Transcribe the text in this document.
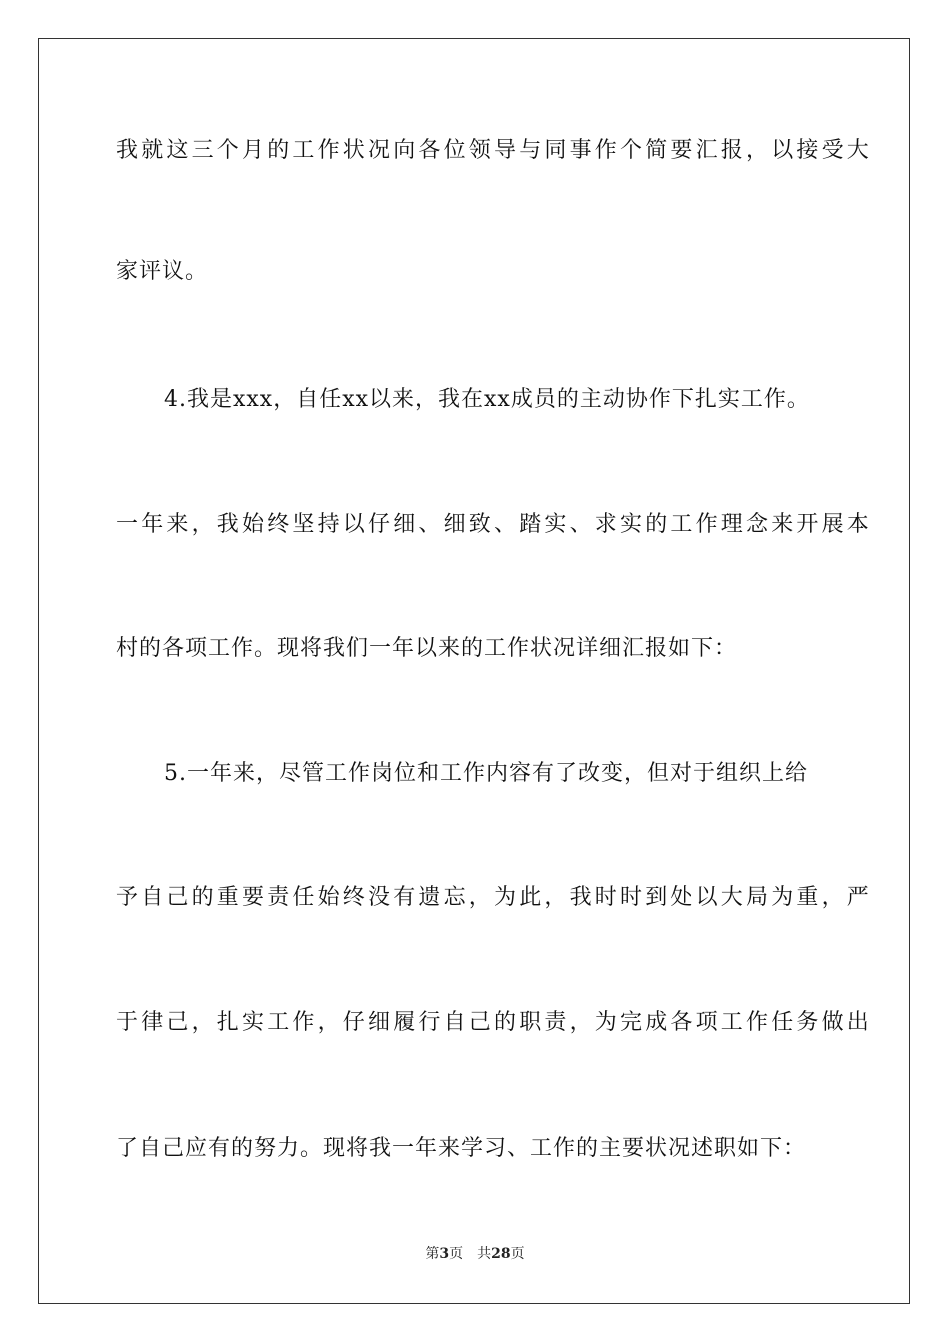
我就这三个月的工作状况向各位领导与同事作个简要汇报，以接受大
家评议。
4.我是xxx，自任xx以来，我在xx成员的主动协作下扎实工作。
一年来，我始终坚持以仔细、细致、踏实、求实的工作理念来开展本
村的各项工作。现将我们一年以来的工作状况详细汇报如下：
5.一年来，尽管工作岗位和工作内容有了改变，但对于组织上给
予自己的重要责任始终没有遗忘，为此，我时时到处以大局为重，严
于律己，扎实工作，仔细履行自己的职责，为完成各项工作任务做出
了自己应有的努力。现将我一年来学习、工作的主要状况述职如下：
第3页 共28页
